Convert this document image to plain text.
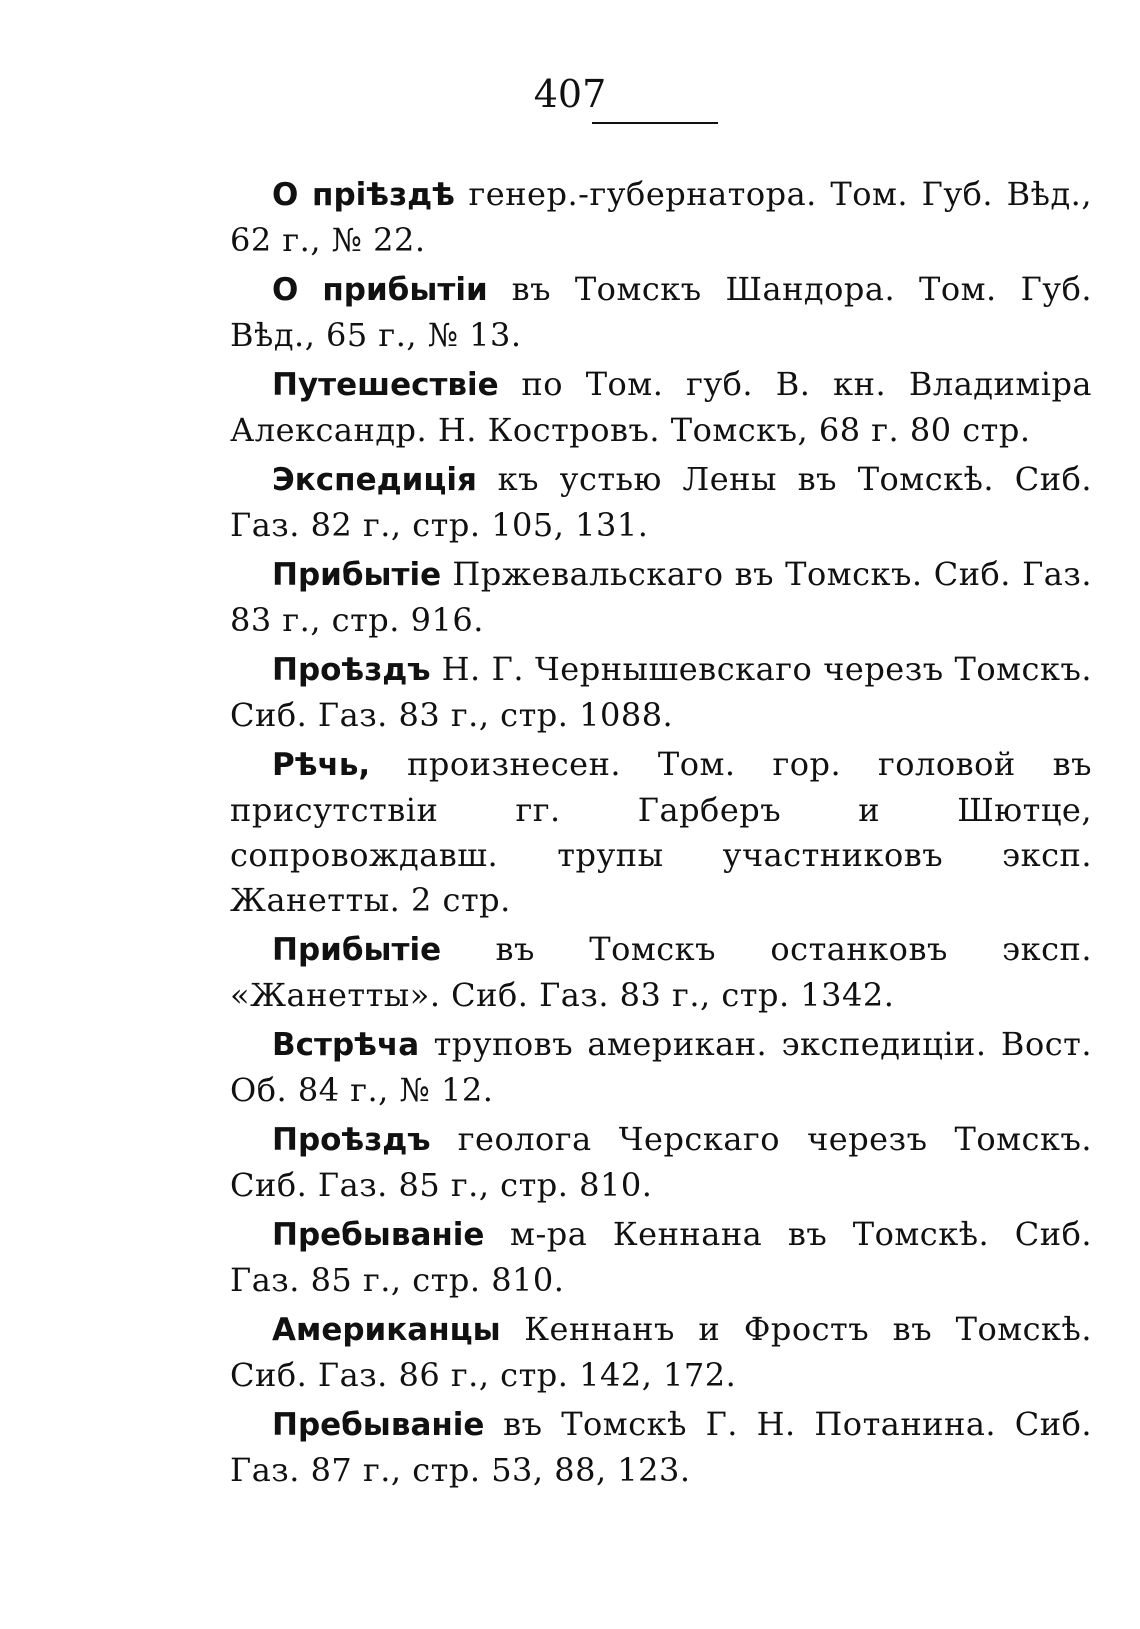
407

О пріѣздѣ генер.-губернатора. Том. Губ. Вѣд., 62 г., № 22.

О прибытіи въ Томскъ Шандора. Том. Губ. Вѣд., 65 г., № 13.

Путешествіе по Том. губ. В. кн. Владиміра Александр. Н. Костровъ. Томскъ, 68 г. 80 стр.

Экспедиція къ устью Лены въ Томскѣ. Сиб. Газ. 82 г., стр. 105, 131.

Прибытіе Пржевальскаго въ Томскъ. Сиб. Газ. 83 г., стр. 916.

Проѣздъ Н. Г. Чернышевскаго черезъ Томскъ. Сиб. Газ. 83 г., стр. 1088.

Рѣчь, произнесен. Том. гор. головой въ присутствіи гг. Гарберъ и Шютце, сопровождавш. трупы участниковъ эксп. Жанетты. 2 стр.

Прибытіе въ Томскъ останковъ эксп. «Жанетты». Сиб. Газ. 83 г., стр. 1342.

Встрѣча труповъ американ. экспедиціи. Вост. Об. 84 г., № 12.

Проѣздъ геолога Черскаго черезъ Томскъ. Сиб. Газ. 85 г., стр. 810.

Пребываніе м-ра Кеннана въ Томскѣ. Сиб. Газ. 85 г., стр. 810.

Американцы Кеннанъ и Фростъ въ Томскѣ. Сиб. Газ. 86 г., стр. 142, 172.

Пребываніе въ Томскѣ Г. Н. Потанина. Сиб. Газ. 87 г., стр. 53, 88, 123.
